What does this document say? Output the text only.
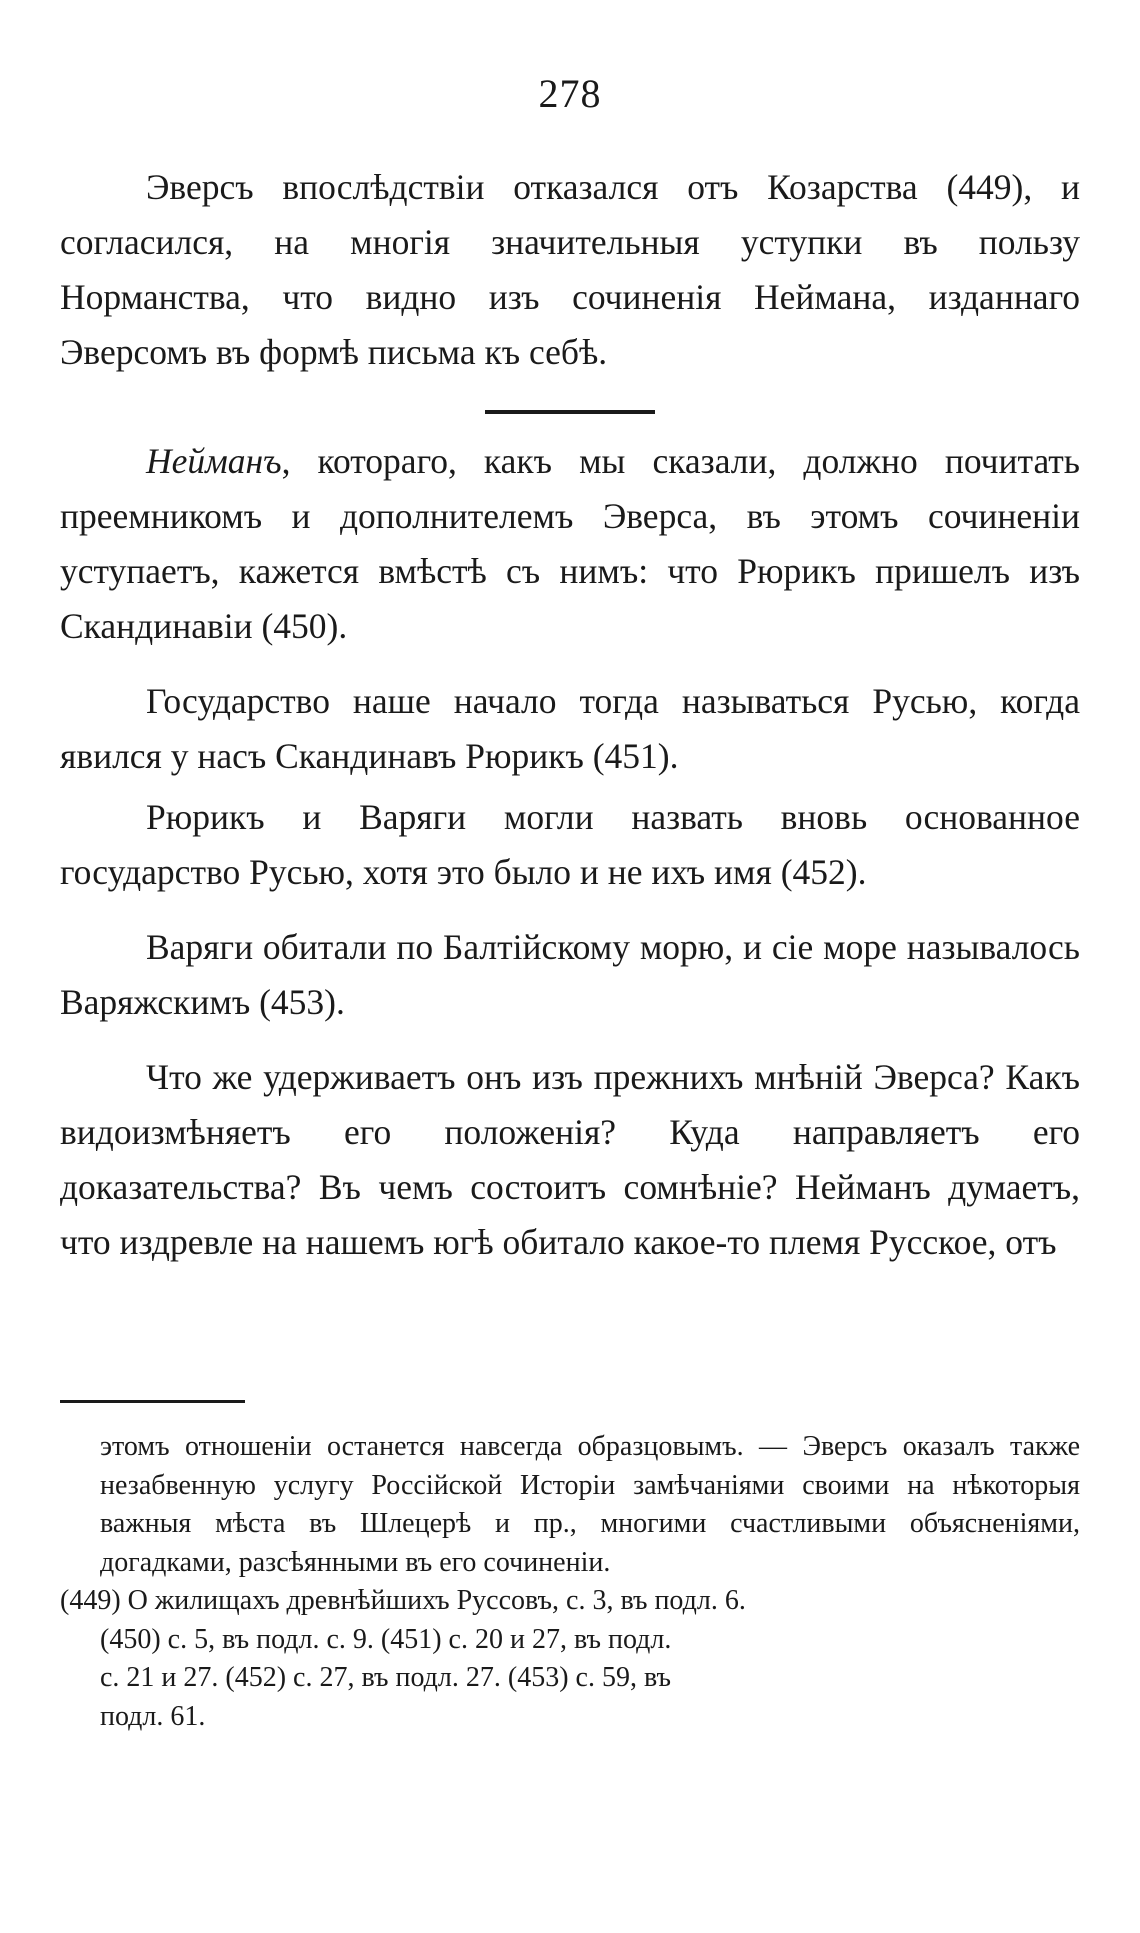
278

Эверсъ впослѣдствіи отказался отъ Козарства (449), и согласился, на многія значительныя уступки въ пользу Норманства, что видно изъ сочиненія Неймана, изданнаго Эверсомъ въ формѣ письма къ себѣ.

Нейманъ, котораго, какъ мы сказали, должно почитать преемникомъ и дополнителемъ Эверса, въ этомъ сочиненіи уступаетъ, кажется вмѣстѣ съ нимъ: что Рюрикъ пришелъ изъ Скандинавіи (450).

Государство наше начало тогда называться Русью, когда явился у насъ Скандинавъ Рюрикъ (451).

Рюрикъ и Варяги могли назвать вновь основанное государство Русью, хотя это было и не ихъ имя (452).

Варяги обитали по Балтійскому морю, и сіе море называлось Варяжскимъ (453).

Что же удерживаетъ онъ изъ прежнихъ мнѣній Эверса? Какъ видоизмѣняетъ его положенія? Куда направляетъ его доказательства? Въ чемъ состоитъ сомнѣніе? Нейманъ думаетъ, что издревле на нашемъ югѣ обитало какое-то племя Русское, отъ

этомъ отношеніи останется навсегда образцовымъ. — Эверсъ оказалъ также незабвенную услугу Россійской Исторіи замѣчаніями своими на нѣкоторыя важныя мѣста въ Шлецерѣ и пр., многими счастливыми объясненіями, догадками, разсѣянными въ его сочиненіи.

(449) О жилищахъ древнѣйшихъ Руссовъ, с. 3, въ подл. 6.

(450) с. 5, въ подл. с. 9. (451) с. 20 и 27, въ подл.

с. 21 и 27. (452) с. 27, въ подл. 27. (453) с. 59, въ

подл. 61.
